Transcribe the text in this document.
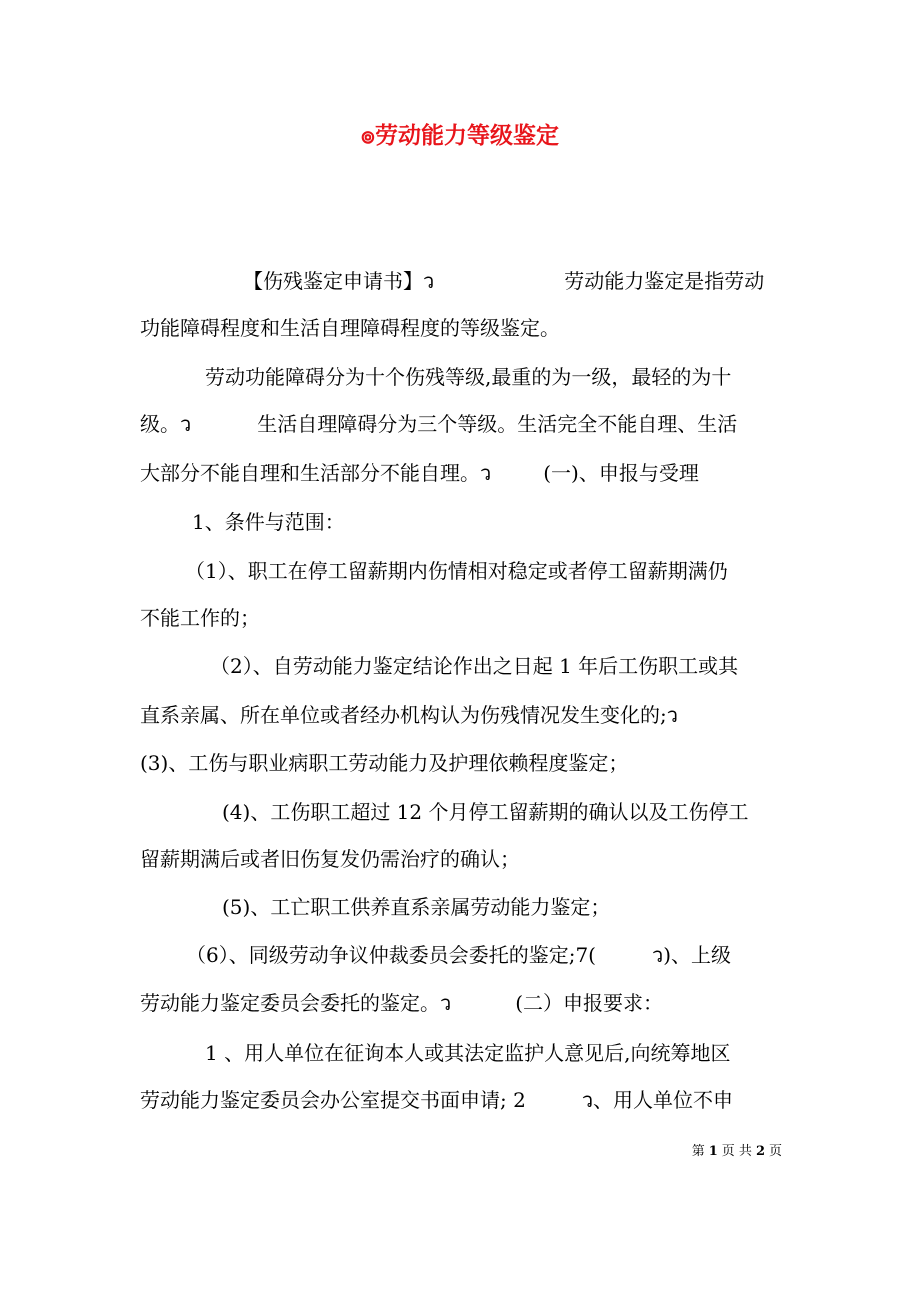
๏劳动能力等级鉴定
【伤残鉴定申请书】ว	劳动能力鉴定是指劳动
功能障碍程度和生活自理障碍程度的等级鉴定。
劳动功能障碍分为十个伤残等级,最重的为一级，最轻的为十
级。ว	生活自理障碍分为三个等级。生活完全不能自理、生活
大部分不能自理和生活部分不能自理。ว	(一)、申报与受理
1、条件与范围：
（1）、职工在停工留薪期内伤情相对稳定或者停工留薪期满仍
不能工作的；
（2）、自劳动能力鉴定结论作出之日起 1 年后工伤职工或其
直系亲属、所在单位或者经办机构认为伤残情况发生变化的;ว
(3)、工伤与职业病职工劳动能力及护理依赖程度鉴定；
(4)、工伤职工超过 12 个月停工留薪期的确认以及工伤停工
留薪期满后或者旧伤复发仍需治疗的确认；
(5)、工亡职工供养直系亲属劳动能力鉴定；
（6）、同级劳动争议仲裁委员会委托的鉴定;7(	ว)、上级
劳动能力鉴定委员会委托的鉴定。ว	(二）申报要求：
1 、用人单位在征询本人或其法定监护人意见后,向统筹地区
劳动能力鉴定委员会办公室提交书面申请; 2	ว、用人单位不申
第 1 页 共 2 页
